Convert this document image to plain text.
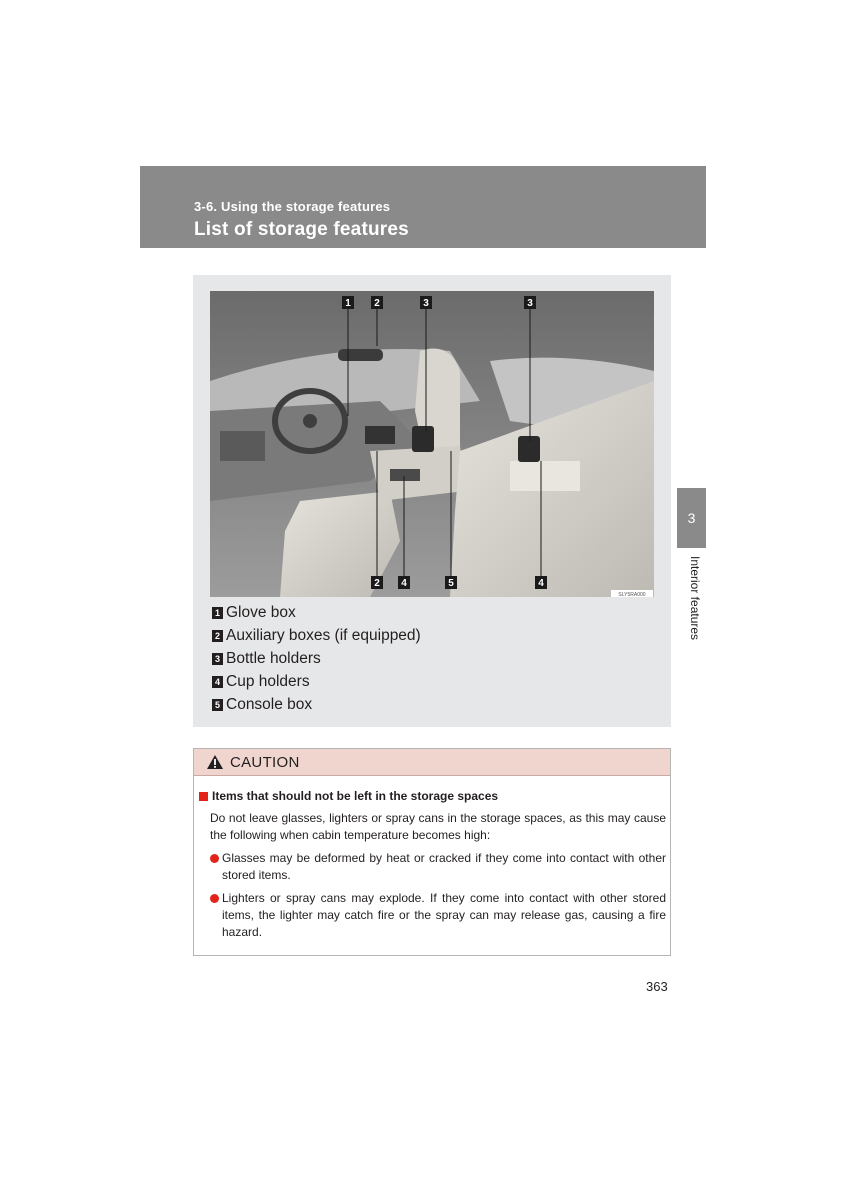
3-6. Using the storage features
List of storage features
1 2	3	3
2 4	5	4
SLY5RA000
1 Glove box
2 Auxiliary boxes (if equipped)
3 Bottle holders
4 Cup holders
5 Console box
3
Interior features
CAUTION
Items that should not be left in the storage spaces

Do not leave glasses, lighters or spray cans in the storage spaces, as this may cause the following when cabin temperature becomes high:

Glasses may be deformed by heat or cracked if they come into contact with other stored items.
Lighters or spray cans may explode. If they come into contact with other stored items, the lighter may catch fire or the spray can may release gas, causing a fire hazard.
363
